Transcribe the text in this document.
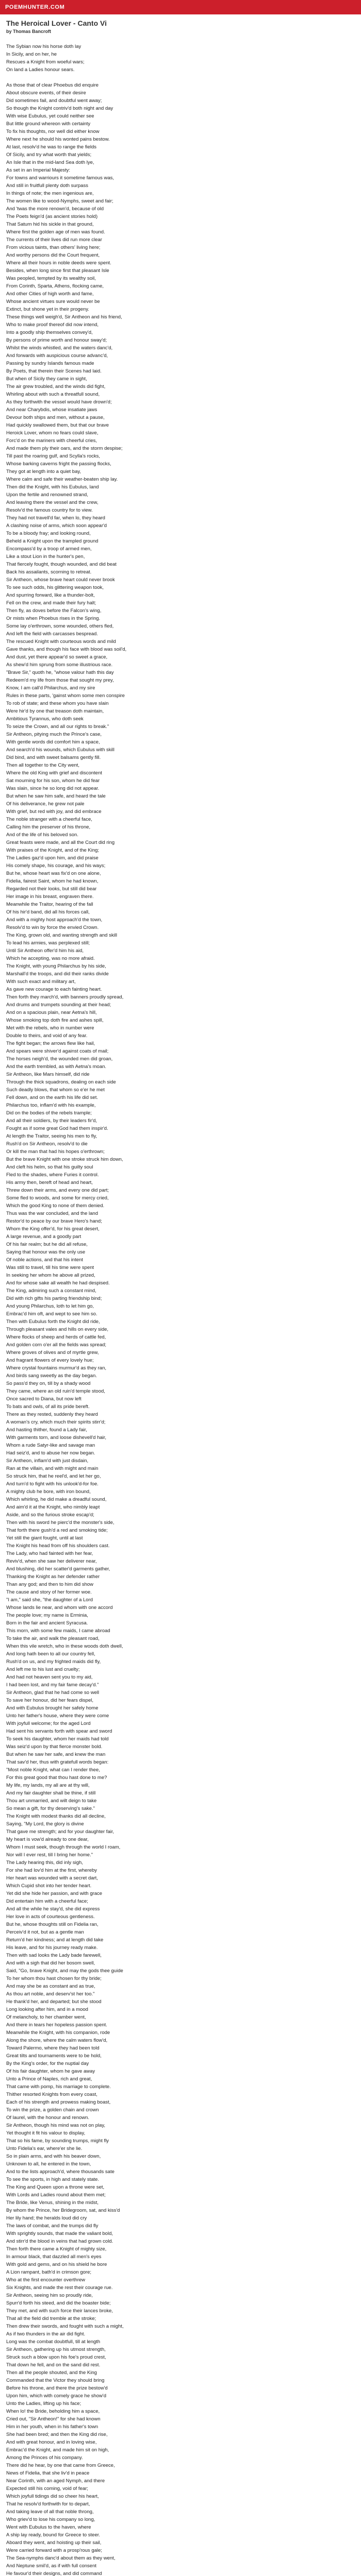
POEMHUNTER.COM
The Heroical Lover - Canto Vi
by Thomas Bancroft
The Sybian now his horse doth lay
In Sicily, and on her, he
Rescues a Knight from woeful wars;
On land a Ladies honour sears.
As those that of clear Phoebus did enquire
About obscure events, of their desire
Did sometimes fail, and doubtful went away;
So though the Knight contriv'd both night and day
With wise Eubulus, yet could neither see
But little ground whereon with certainty
To fix his thoughts, nor well did either know
Where next he should his wonted pains bestow.
At last, resolv'd he was to range the fields
Of Sicily, and try what worth that yields;
An Isle that in the mid-land Sea doth lye,
As set in an Imperial Majesty:
For towns and warriours it sometime famous was,
And still in fruitfull plenty doth surpass
In things of note; the men ingenious are,
The women like to wood-Nymphs, sweet and fair;
And 'twas the more renown'd, because of old
The Poets feign'd (as ancient stories hold)
That Saturn hid his sickle in that ground,
Where first the golden age of men was found.
The currents of their lives did run more clear
From vicious taints, than others' living here;
And worthy persons did the Court frequent,
Where all their hours in noble deeds were spent.
Besides, when long since first that pleasant Isle
Was peopled, tempted by its wealthy soil,
From Corinth, Sparta, Athens, flocking came,
And other Cities of high worth and fame,
Whose ancient virtues sure would never be
Extinct, but shone yet in their progeny.
These things well weigh'd, Sir Antheon and his friend,
Who to make proof thereof did now intend,
Into a goodly ship themselves convey'd,
By persons of prime worth and honour sway'd;
Whilst the winds whistled, and the waters danc'd,
And forwards with auspicious course advanc'd,
Passing by sundry Islands famous made
By Poets, that therein their Scenes had laid.
But when of Sicily they came in sight,
The air grew troubled, and the winds did fight,
Whirling about with such a threatfull sound,
As they forthwith the vessel would have drown'd;
And near Charybdis, whose insatiate jaws
Devour both ships and men, without a pause,
Had quickly swallowed them, but that our brave
Heroick Lover, whom no fears could slave,
Forc'd on the mariners with cheerful cries,
And made them ply their oars, and the storm despise;
Till past the roaring gulf, and Scylla's rocks,
Whose barking caverns fright the passing flocks,
They got at length into a quiet bay,
Where calm and safe their weather-beaten ship lay.
Then did the Knight, with his Eubulus, land
Upon the fertile and renowned strand,
And leaving there the vessel and the crew,
Resolv'd the famous country for to view.
They had not travell'd far, when lo, they heard
A clashing noise of arms, which soon appear'd
To be a bloody fray; and looking round,
Beheld a Knight upon the trampled ground
Encompass'd by a troop of armed men,
Like a stout Lion in the hunter's pen,
That fiercely fought, though wounded, and did beat
Back his assailants, scorning to retreat.
Sir Antheon, whose brave heart could never brook
To see such odds, his glittering weapon took,
And spurring forward, like a thunder-bolt,
Fell on the crew, and made their fury halt;
Then fly, as doves before the Falcon's wing,
Or mists when Phoebus rises in the Spring.
Some lay o'erthrown, some wounded, others fled,
And left the field with carcasses bespread.
The rescued Knight with courteous words and mild
Gave thanks, and though his face with blood was soil'd,
And dust, yet there appear'd so sweet a grace,
As shew'd him sprung from some illustrious race.
"Brave Sir," quoth he, "whose valour hath this day
Redeem'd my life from those that sought my prey,
Know, I am call'd Philarchus, and my sire
Rules in these parts, 'gainst whom some men conspire
To rob of state; and these whom you have slain
Were hir'd by one that treason doth maintain,
Ambitious Tyrannus, who doth seek
To seize the Crown, and all our rights to break."
Sir Antheon, pitying much the Prince's case,
With gentle words did comfort him a space,
And search'd his wounds, which Eubulus with skill
Did bind, and with sweet balsams gently fill.
Then all together to the City went,
Where the old King with grief and discontent
Sat mourning for his son, whom he did fear
Was slain, since he so long did not appear.
But when he saw him safe, and heard the tale
Of his deliverance, he grew not pale
With grief, but red with joy, and did embrace
The noble stranger with a cheerful face,
Calling him the preserver of his throne,
And of the life of his beloved son.
Great feasts were made, and all the Court did ring
With praises of the Knight, and of the King;
The Ladies gaz'd upon him, and did praise
His comely shape, his courage, and his ways;
But he, whose heart was fix'd on one alone,
Fidelia, fairest Saint, whom he had known,
Regarded not their looks, but still did bear
Her image in his breast, engraven there.
Meanwhile the Traitor, hearing of the fall
Of his hir'd band, did all his forces call,
And with a mighty host approach'd the town,
Resolv'd to win by force the envied Crown.
The King, grown old, and wanting strength and skill
To lead his armies, was perplexed still;
Until Sir Antheon offer'd him his aid,
Which he accepting, was no more afraid.
The Knight, with young Philarchus by his side,
Marshall'd the troops, and did their ranks divide
With such exact and military art,
As gave new courage to each fainting heart.
Then forth they march'd, with banners proudly spread,
And drums and trumpets sounding at their head;
And on a spacious plain, near Aetna's hill,
Whose smoking top doth fire and ashes spill,
Met with the rebels, who in number were
Double to theirs, and void of any fear.
The fight began; the arrows flew like hail,
And spears were shiver'd against coats of mail;
The horses neigh'd, the wounded men did groan,
And the earth trembled, as with Aetna's moan.
Sir Antheon, like Mars himself, did ride
Through the thick squadrons, dealing on each side
Such deadly blows, that whom so e'er he met
Fell down, and on the earth his life did set.
Philarchus too, inflam'd with his example,
Did on the bodies of the rebels trample;
And all their soldiers, by their leaders fir'd,
Fought as if some great God had them inspir'd.
At length the Traitor, seeing his men to fly,
Rush'd on Sir Antheon, resolv'd to die
Or kill the man that had his hopes o'erthrown;
But the brave Knight with one stroke struck him down,
And cleft his helm, so that his guilty soul
Fled to the shades, where Furies it control.
His army then, bereft of head and heart,
Threw down their arms, and every one did part;
Some fled to woods, and some for mercy cried,
Which the good King to none of them denied.
Thus was the war concluded, and the land
Restor'd to peace by our brave Hero's hand;
Whom the King offer'd, for his great desert,
A large revenue, and a goodly part
Of his fair realm; but he did all refuse,
Saying that honour was the only use
Of noble actions, and that his intent
Was still to travel, till his time were spent
In seeking her whom he above all prized,
And for whose sake all wealth he had despised.
The King, admiring such a constant mind,
Did with rich gifts his parting friendship bind;
And young Philarchus, loth to let him go,
Embrac'd him oft, and wept to see him so.
Then with Eubulus forth the Knight did ride,
Through pleasant vales and hills on every side,
Where flocks of sheep and herds of cattle fed,
And golden corn o'er all the fields was spread;
Where groves of olives and of myrtle grew,
And fragrant flowers of every lovely hue;
Where crystal fountains murmur'd as they ran,
And birds sang sweetly as the day began.
So pass'd they on, till by a shady wood
They came, where an old ruin'd temple stood,
Once sacred to Diana, but now left
To bats and owls, of all its pride bereft.
There as they rested, suddenly they heard
A woman's cry, which much their spirits stirr'd;
And hasting thither, found a Lady fair,
With garments torn, and loose dishevell'd hair,
Whom a rude Satyr-like and savage man
Had seiz'd, and to abuse her now began.
Sir Antheon, inflam'd with just disdain,
Ran at the villain, and with might and main
So struck him, that he reel'd, and let her go,
And turn'd to fight with his unlook'd-for foe.
A mighty club he bore, with iron bound,
Which whirling, he did make a dreadful sound,
And aim'd it at the Knight, who nimbly leapt
Aside, and so the furious stroke escap'd;
Then with his sword he pierc'd the monster's side,
That forth there gush'd a red and smoking tide;
Yet still the giant fought, until at last
The Knight his head from off his shoulders cast.
The Lady, who had fainted with her fear,
Reviv'd, when she saw her deliverer near,
And blushing, did her scatter'd garments gather,
Thanking the Knight as her defender rather
Than any god; and then to him did show
The cause and story of her former woe.
"I am," said she, "the daughter of a Lord
Whose lands lie near, and whom with one accord
The people love; my name is Erminia,
Born in the fair and ancient Syracusa.
This morn, with some few maids, I came abroad
To take the air, and walk the pleasant road,
When this vile wretch, who in these woods doth dwell,
And long hath been to all our country fell,
Rush'd on us, and my frighted maids did fly,
And left me to his lust and cruelty;
And had not heaven sent you to my aid,
I had been lost, and my fair fame decay'd."
Sir Antheon, glad that he had come so well
To save her honour, did her fears dispel,
And with Eubulus brought her safely home
Unto her father's house, where they were come
With joyfull welcome; for the aged Lord
Had sent his servants forth with spear and sword
To seek his daughter, whom her maids had told
Was seiz'd upon by that fierce monster bold.
But when he saw her safe, and knew the man
That sav'd her, thus with gratefull words began:
"Most noble Knight, what can I render thee,
For this great good that thou hast done to me?
My life, my lands, my all are at thy will,
And my fair daughter shall be thine, if still
Thou art unmarried, and wilt deign to take
So mean a gift, for thy deserving's sake."
The Knight with modest thanks did all decline,
Saying, "My Lord, the glory is divine
That gave me strength; and for your daughter fair,
My heart is vow'd already to one dear,
Whom I must seek, though through the world I roam,
Nor will I ever rest, till I bring her home."
The Lady hearing this, did inly sigh,
For she had lov'd him at the first, whereby
Her heart was wounded with a secret dart,
Which Cupid shot into her tender heart.
Yet did she hide her passion, and with grace
Did entertain him with a cheerful face;
And all the while he stay'd, she did express
Her love in acts of courteous gentleness.
But he, whose thoughts still on Fidelia ran,
Perceiv'd it not, but as a gentle man
Return'd her kindness; and at length did take
His leave, and for his journey ready make.
Then with sad looks the Lady bade farewell,
And with a sigh that did her bosom swell,
Said, "Go, brave Knight, and may the gods thee guide
To her whom thou hast chosen for thy bride;
And may she be as constant and as true,
As thou art noble, and deserv'st her too."
He thank'd her, and departed; but she stood
Long looking after him, and in a mood
Of melancholy, to her chamber went,
And there in tears her hopeless passion spent.
Meanwhile the Knight, with his companion, rode
Along the shore, where the calm waters flow'd,
Toward Palermo, where they had been told
Great tilts and tournaments were to be hold,
By the King's order, for the nuptial day
Of his fair daughter, whom he gave away
Unto a Prince of Naples, rich and great,
That came with pomp, his marriage to complete.
Thither resorted Knights from every coast,
Each of his strength and prowess making boast,
To win the prize, a golden chain and crown
Of laurel, with the honour and renown.
Sir Antheon, though his mind was not on play,
Yet thought it fit his valour to display,
That so his fame, by sounding trumps, might fly
Unto Fidelia's ear, where'er she lie.
So in plain arms, and with his beaver down,
Unknown to all, he entered in the town,
And to the lists approach'd, where thousands sate
To see the sports, in high and stately state.
The King and Queen upon a throne were set,
With Lords and Ladies round about them met;
The Bride, like Venus, shining in the midst,
By whom the Prince, her Bridegroom, sat, and kiss'd
Her lily hand; the heralds loud did cry
The laws of combat, and the trumps did fly
With sprightly sounds, that made the valiant bold,
And stirr'd the blood in veins that had grown cold.
Then forth there came a Knight of mighty size,
In armour black, that dazzled all men's eyes
With gold and gems, and on his shield he bore
A Lion rampant, bath'd in crimson gore;
Who at the first encounter overthrew
Six Knights, and made the rest their courage rue.
Sir Antheon, seeing him so proudly ride,
Spurr'd forth his steed, and did the boaster bide;
They met, and with such force their lances broke,
That all the field did tremble at the stroke;
Then drew their swords, and fought with such a might,
As if two thunders in the air did fight.
Long was the combat doubtfull, till at length
Sir Antheon, gathering up his utmost strength,
Struck such a blow upon his foe's proud crest,
That down he fell, and on the sand did rest.
Then all the people shouted, and the King
Commanded that the Victor they should bring
Before his throne, and there the prize bestow'd
Upon him, which with comely grace he show'd
Unto the Ladies, lifting up his face;
When lo! the Bride, beholding him a space,
Cried out, "Sir Antheon!" for she had known
Him in her youth, when in his father's town
She had been bred; and then the King did rise,
And with great honour, and in loving wise,
Embrac'd the Knight, and made him sit on high,
Among the Princes of his company.
There did he hear, by one that came from Greece,
News of Fidelia, that she liv'd in peace
Near Corinth, with an aged Nymph, and there
Expected still his coming, void of fear;
Which joyfull tidings did so cheer his heart,
That he resolv'd forthwith for to depart,
And taking leave of all that noble throng,
Who griev'd to lose his company so long,
Went with Eubulus to the haven, where
A ship lay ready, bound for Greece to steer.
Aboard they went, and hoisting up their sail,
Were carried forward with a prosp'rous gale;
The Sea-nymphs danc'd about them as they went,
And Neptune smil'd, as if with full consent
He favour'd their designs, and did command
